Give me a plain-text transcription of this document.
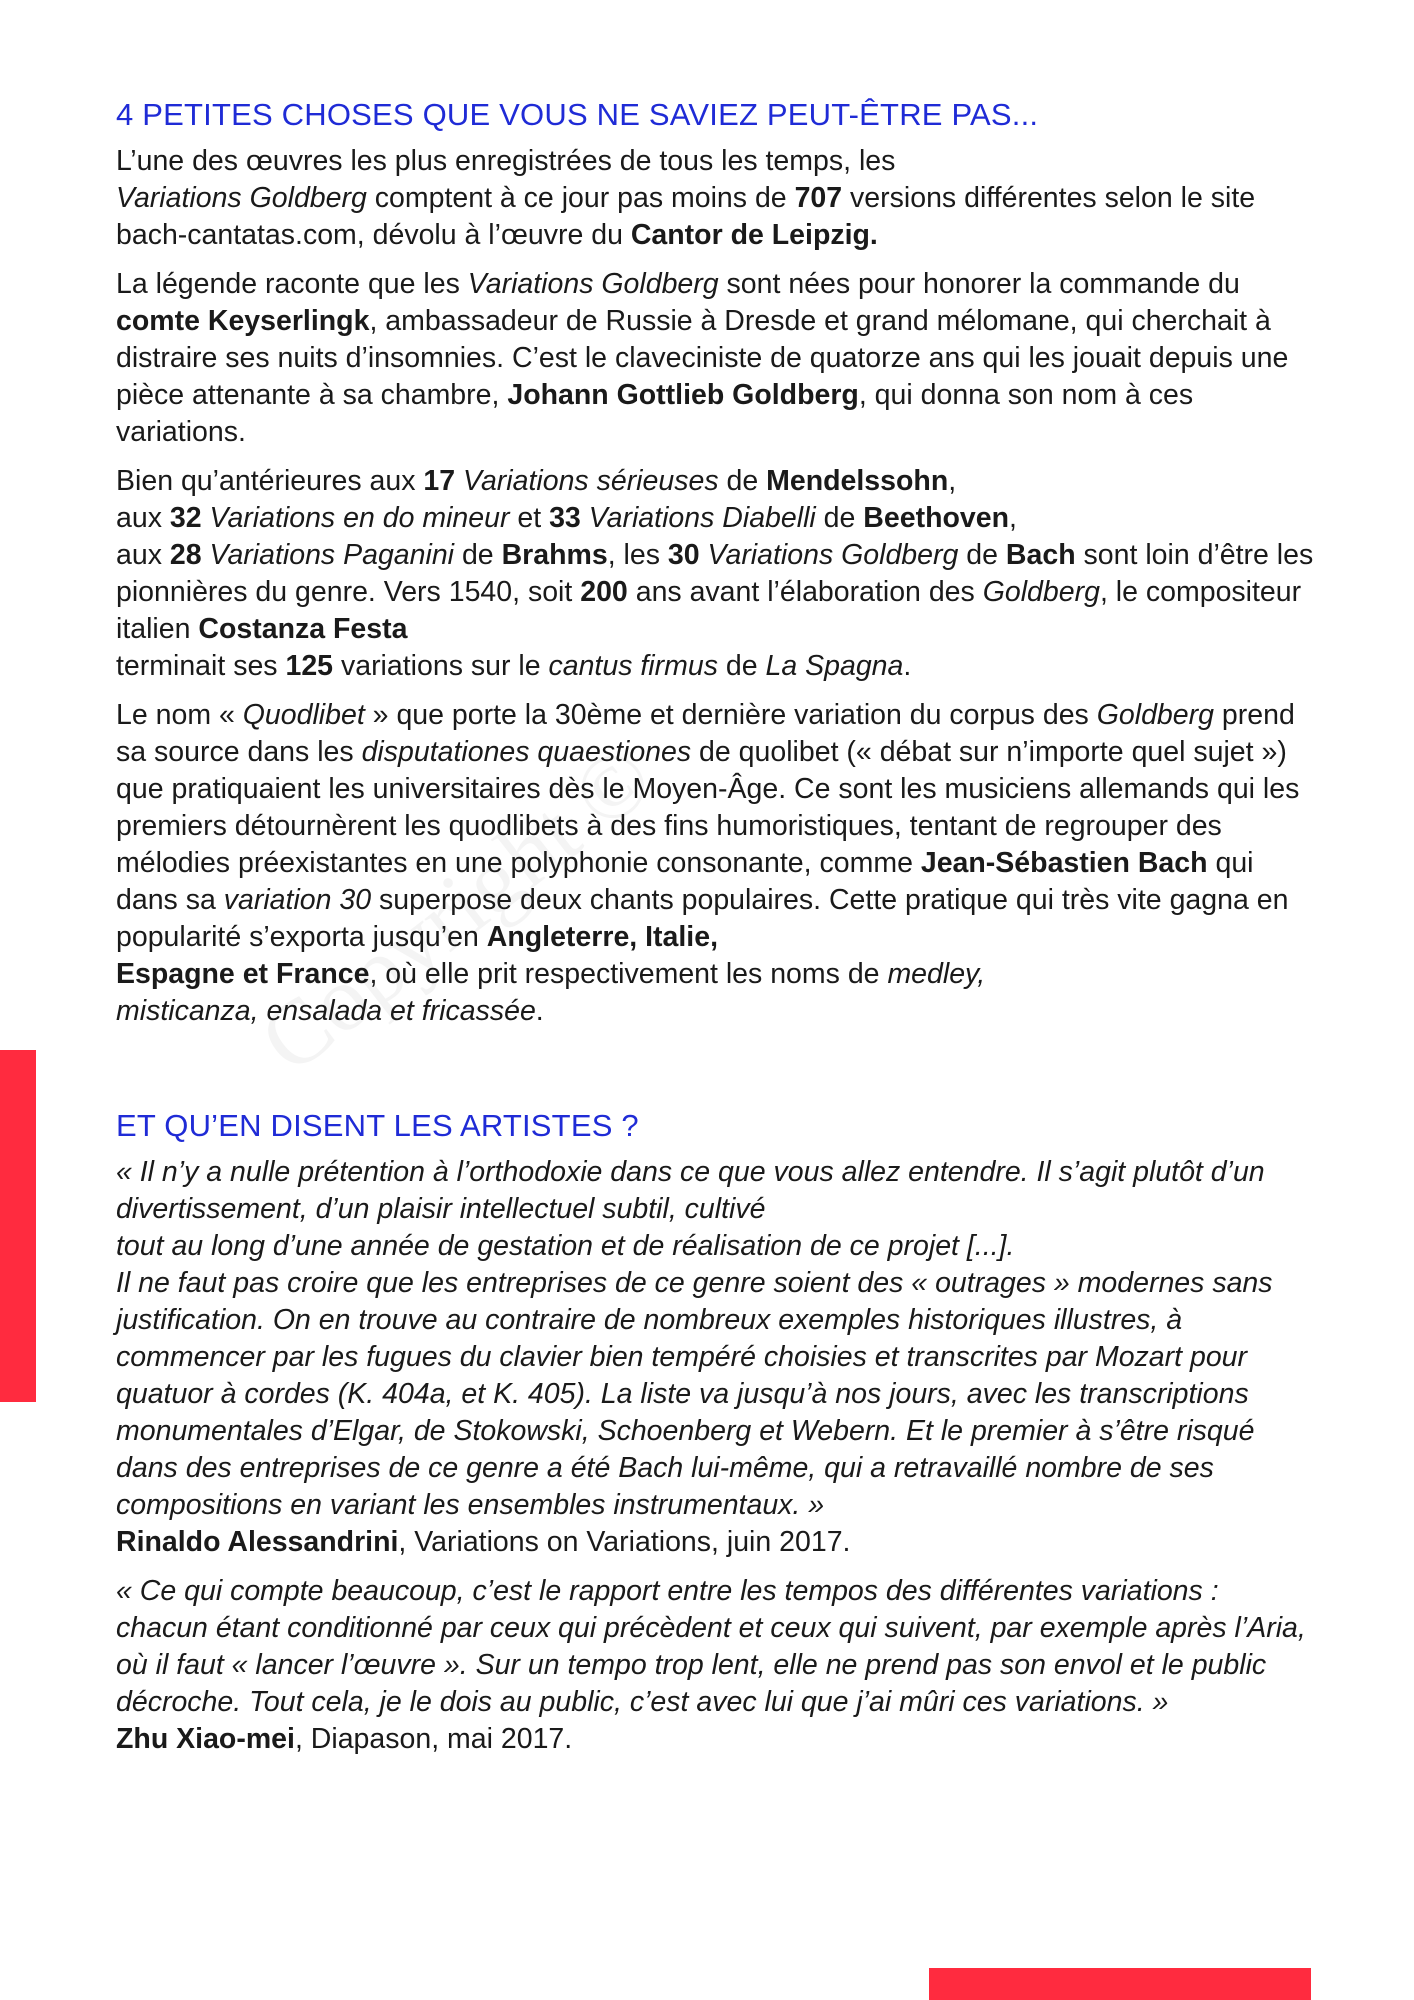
4 PETITES CHOSES QUE VOUS NE SAVIEZ PEUT-ÊTRE PAS...

L’une des œuvres les plus enregistrées de tous les temps, les
Variations Goldberg comptent à ce jour pas moins de 707 versions différentes selon le site bach-cantatas.com, dévolu à l’œuvre du Cantor de Leipzig.

La légende raconte que les Variations Goldberg sont nées pour honorer la commande du comte Keyserlingk, ambassadeur de Russie à Dresde et grand mélomane, qui cherchait à distraire ses nuits d’insomnies. C’est le claveciniste de quatorze ans qui les jouait depuis une pièce attenante à sa chambre, Johann Gottlieb Goldberg, qui donna son nom à ces variations.

Bien qu’antérieures aux 17 Variations sérieuses de Mendelssohn,
aux 32 Variations en do mineur et 33 Variations Diabelli de Beethoven,
aux 28 Variations Paganini de Brahms, les 30 Variations Goldberg de Bach sont loin d’être les pionnières du genre. Vers 1540, soit 200 ans avant l’élaboration des Goldberg, le compositeur italien Costanza Festa
terminait ses 125 variations sur le cantus firmus de La Spagna.

Le nom « Quodlibet » que porte la 30ème et dernière variation du corpus des Goldberg prend sa source dans les disputationes quaestiones de quolibet (« débat sur n’importe quel sujet ») que pratiquaient les universitaires dès le Moyen-Âge. Ce sont les musiciens allemands qui les premiers détournèrent les quodlibets à des fins humoristiques, tentant de regrouper des mélodies préexistantes en une polyphonie consonante, comme Jean-Sébastien Bach qui dans sa variation 30 superpose deux chants populaires. Cette pratique qui très vite gagna en popularité s’exporta jusqu’en Angleterre, Italie,
Espagne et France, où elle prit respectivement les noms de medley,
misticanza, ensalada et fricassée.

ET QU’EN DISENT LES ARTISTES ?

« Il n’y a nulle prétention à l’orthodoxie dans ce que vous allez entendre. Il s’agit plutôt d’un divertissement, d’un plaisir intellectuel subtil, cultivé
tout au long d’une année de gestation et de réalisation de ce projet [...].
Il ne faut pas croire que les entreprises de ce genre soient des « outrages » modernes sans justification. On en trouve au contraire de nombreux exemples historiques illustres, à commencer par les fugues du clavier bien tempéré choisies et transcrites par Mozart pour quatuor à cordes (K. 404a, et K. 405). La liste va jusqu’à nos jours, avec les transcriptions monumentales d’Elgar, de Stokowski, Schoenberg et Webern. Et le premier à s’être risqué dans des entreprises de ce genre a été Bach lui-même, qui a retravaillé nombre de ses compositions en variant les ensembles instrumentaux. »
Rinaldo Alessandrini, Variations on Variations, juin 2017.

« Ce qui compte beaucoup, c’est le rapport entre les tempos des différentes variations : chacun étant conditionné par ceux qui précèdent et ceux qui suivent, par exemple après l’Aria, où il faut « lancer l’œuvre ». Sur un tempo trop lent, elle ne prend pas son envol et le public décroche. Tout cela, je le dois au public, c’est avec lui que j’ai mûri ces variations. »
Zhu Xiao-mei, Diapason, mai 2017.
